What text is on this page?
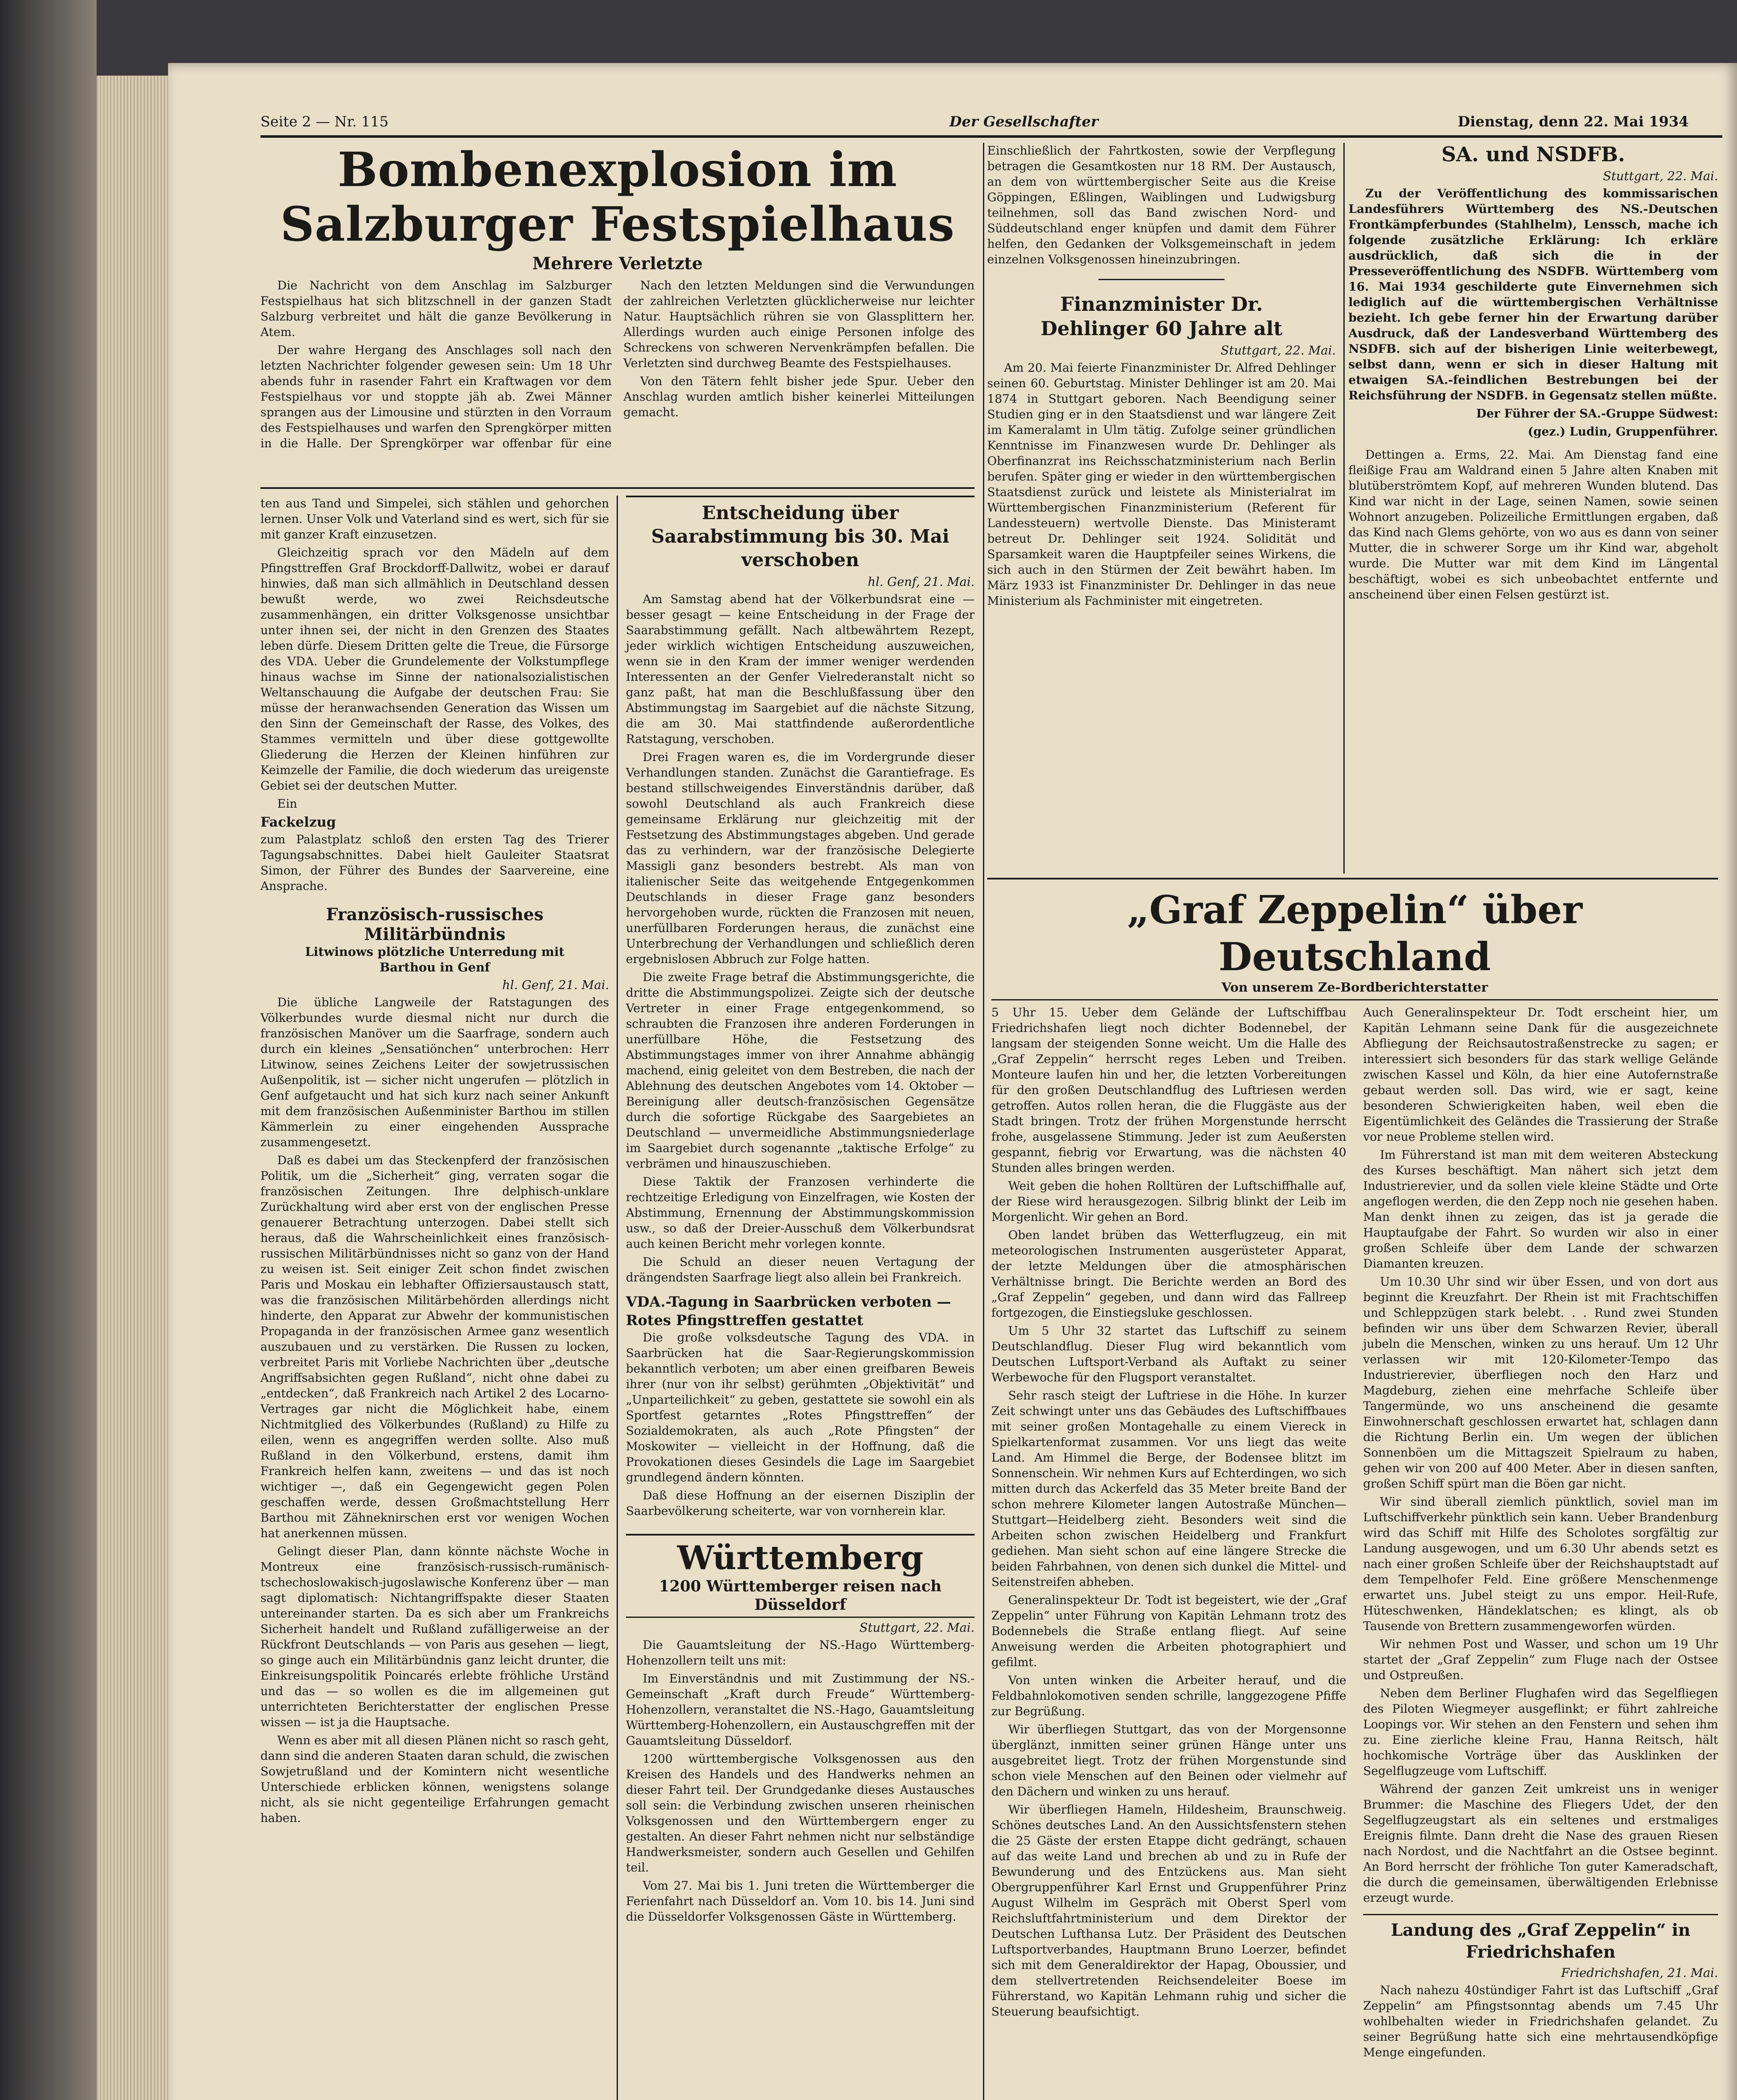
Seite 2 — Nr. 115	Der Gesellschafter	Dienstag, denn 22. Mai 1934
Bombenexplosion im Salzburger Festspielhaus
Mehrere Verletzte

Die Nachricht von dem Anschlag im Salzburger Festspielhaus hat sich blitzschnell in der ganzen Stadt Salzburg verbreitet und hält die ganze Bevölkerung in Atem.

Der wahre Hergang des Anschlages soll nach den letzten Nachrichter folgender gewesen sein: Um 18 Uhr abends fuhr in rasender Fahrt ein Kraftwagen vor dem Festspielhaus vor und stoppte jäh ab. Zwei Männer sprangen aus der Limousine und stürzten in den Vorraum des Festspielhauses und warfen den Sprengkörper mitten in die Halle. Der Sprengkörper war offenbar für eine

Nach den letzten Meldungen sind die Verwundungen der zahlreichen Verletzten glücklicherweise nur leichter Natur. Hauptsächlich rühren sie von Glassplittern her. Allerdings wurden auch einige Personen infolge des Schreckens von schweren Nervenkrämpfen befallen. Die Verletzten sind durchweg Beamte des Festspielhauses.

Von den Tätern fehlt bisher jede Spur. Ueber den Anschlag wurden amtlich bisher keinerlei Mitteilungen gemacht.

Einschließlich der Fahrtkosten, sowie der Verpflegung betragen die Gesamtkosten nur 18 RM. Der Austausch, an dem von württembergischer Seite aus die Kreise Göppingen, Eßlingen, Waiblingen und Ludwigsburg teilnehmen, soll das Band zwischen Nord- und Süddeutschland enger knüpfen und damit dem Führer helfen, den Gedanken der Volksgemeinschaft in jedem einzelnen Volksgenossen hineinzubringen.

Finanzminister Dr. Dehlinger 60 Jahre alt
Stuttgart, 22. Mai.

Am 20. Mai feierte Finanzminister Dr. Alfred Dehlinger seinen 60. Geburtstag. Minister Dehlinger ist am 20. Mai 1874 in Stuttgart geboren. Nach Beendigung seiner Studien ging er in den Staatsdienst und war längere Zeit im Kameralamt in Ulm tätig. Zufolge seiner gründlichen Kenntnisse im Finanzwesen wurde Dr. Dehlinger als Oberfinanzrat ins Reichsschatzministerium nach Berlin berufen. Später ging er wieder in den württembergischen Staatsdienst zurück und leistete als Ministerialrat im Württembergischen Finanzministerium (Referent für Landessteuern) wertvolle Dienste. Das Ministeramt betreut Dr. Dehlinger seit 1924. Solidität und Sparsamkeit waren die Hauptpfeiler seines Wirkens, die sich auch in den Stürmen der Zeit bewährt haben. Im März 1933 ist Finanzminister Dr. Dehlinger in das neue Ministerium als Fachminister mit eingetreten.

SA. und NSDFB.
Stuttgart, 22. Mai.

Zu der Veröffentlichung des kommissarischen Landesführers Württemberg des NS.-Deutschen Frontkämpferbundes (Stahlhelm), Lenssch, mache ich folgende zusätzliche Erklärung: Ich erkläre ausdrücklich, daß sich die in der Presseveröffentlichung des NSDFB. Württemberg vom 16. Mai 1934 geschilderte gute Einvernehmen sich lediglich auf die württembergischen Verhältnisse bezieht. Ich gebe ferner hin der Erwartung darüber Ausdruck, daß der Landesverband Württemberg des NSDFB. sich auf der bisherigen Linie weiterbewegt, selbst dann, wenn er sich in dieser Haltung mit etwaigen SA.-feindlichen Bestrebungen bei der Reichsführung der NSDFB. in Gegensatz stellen müßte.

Der Führer der SA.-Gruppe Südwest:
(gez.) Ludin, Gruppenführer.

Dettingen a. Erms, 22. Mai. Am Dienstag fand eine fleißige Frau am Waldrand einen 5 Jahre alten Knaben mit blutüberströmtem Kopf, auf mehreren Wunden blutend. Das Kind war nicht in der Lage, seinen Namen, sowie seinen Wohnort anzugeben. Polizeiliche Ermittlungen ergaben, daß das Kind nach Glems gehörte, von wo aus es dann von seiner Mutter, die in schwerer Sorge um ihr Kind war, abgeholt wurde. Die Mutter war mit dem Kind im Längental beschäftigt, wobei es sich unbeobachtet entfernte und anscheinend über einen Felsen gestürzt ist.

ten aus Tand und Simpelei, sich stählen und gehorchen lernen. Unser Volk und Vaterland sind es wert, sich für sie mit ganzer Kraft einzusetzen.

Gleichzeitig sprach vor den Mädeln auf dem Pfingsttreffen Graf Brockdorff-Dallwitz, wobei er darauf hinwies, daß man sich allmählich in Deutschland dessen bewußt werde, wo zwei Reichsdeutsche zusammenhängen, ein dritter Volksgenosse unsichtbar unter ihnen sei, der nicht in den Grenzen des Staates leben dürfe. Diesem Dritten gelte die Treue, die Fürsorge des VDA. Ueber die Grundelemente der Volkstumpflege hinaus wachse im Sinne der nationalsozialistischen Weltanschauung die Aufgabe der deutschen Frau: Sie müsse der heranwachsenden Generation das Wissen um den Sinn der Gemeinschaft der Rasse, des Volkes, des Stammes vermitteln und über diese gottgewollte Gliederung die Herzen der Kleinen hinführen zur Keimzelle der Familie, die doch wiederum das ureigenste Gebiet sei der deutschen Mutter.

Ein

Fackelzug

zum Palastplatz schloß den ersten Tag des Trierer Tagungsabschnittes. Dabei hielt Gauleiter Staatsrat Simon, der Führer des Bundes der Saarvereine, eine Ansprache.

Französisch-russisches Militärbündnis
Litwinows plötzliche Unterredung mit Barthou in Genf
hl. Genf, 21. Mai.

Die übliche Langweile der Ratstagungen des Völkerbundes wurde diesmal nicht nur durch die französischen Manöver um die Saarfrage, sondern auch durch ein kleines „Sensatiönchen“ unterbrochen: Herr Litwinow, seines Zeichens Leiter der sowjetrussischen Außenpolitik, ist — sicher nicht ungerufen — plötzlich in Genf aufgetaucht und hat sich kurz nach seiner Ankunft mit dem französischen Außenminister Barthou im stillen Kämmerlein zu einer eingehenden Aussprache zusammengesetzt.

Daß es dabei um das Steckenpferd der französischen Politik, um die „Sicherheit“ ging, verraten sogar die französischen Zeitungen. Ihre delphisch-unklare Zurückhaltung wird aber erst von der englischen Presse genauerer Betrachtung unterzogen. Dabei stellt sich heraus, daß die Wahrscheinlichkeit eines französisch-russischen Militärbündnisses nicht so ganz von der Hand zu weisen ist. Seit einiger Zeit schon findet zwischen Paris und Moskau ein lebhafter Offiziersaustausch statt, was die französischen Militärbehörden allerdings nicht hinderte, den Apparat zur Abwehr der kommunistischen Propaganda in der französischen Armee ganz wesentlich auszubauen und zu verstärken. Die Russen zu locken, verbreitet Paris mit Vorliebe Nachrichten über „deutsche Angriffsabsichten gegen Rußland“, nicht ohne dabei zu „entdecken“, daß Frankreich nach Artikel 2 des Locarno-Vertrages gar nicht die Möglichkeit habe, einem Nichtmitglied des Völkerbundes (Rußland) zu Hilfe zu eilen, wenn es angegriffen werden sollte. Also muß Rußland in den Völkerbund, erstens, damit ihm Frankreich helfen kann, zweitens — und das ist noch wichtiger —, daß ein Gegengewicht gegen Polen geschaffen werde, dessen Großmachtstellung Herr Barthou mit Zähneknirschen erst vor wenigen Wochen hat anerkennen müssen.

Gelingt dieser Plan, dann könnte nächste Woche in Montreux eine französisch-russisch-rumänisch-tschechoslowakisch-jugoslawische Konferenz über — man sagt diplomatisch: Nichtangriffspakte dieser Staaten untereinander starten. Da es sich aber um Frankreichs Sicherheit handelt und Rußland zufälligerweise an der Rückfront Deutschlands — von Paris aus gesehen — liegt, so ginge auch ein Militärbündnis ganz leicht drunter, die Einkreisungspolitik Poincarés erlebte fröhliche Urständ und das — so wollen es die im allgemeinen gut unterrichteten Berichterstatter der englischen Presse wissen — ist ja die Hauptsache.

Wenn es aber mit all diesen Plänen nicht so rasch geht, dann sind die anderen Staaten daran schuld, die zwischen Sowjetrußland und der Komintern nicht wesentliche Unterschiede erblicken können, wenigstens solange nicht, als sie nicht gegenteilige Erfahrungen gemacht haben.

Entscheidung über Saarabstimmung bis 30. Mai verschoben
hl. Genf, 21. Mai.

Am Samstag abend hat der Völkerbundsrat eine — besser gesagt — keine Entscheidung in der Frage der Saarabstimmung gefällt. Nach altbewährtem Rezept, jeder wirklich wichtigen Entscheidung auszuweichen, wenn sie in den Kram der immer weniger werdenden Interessenten an der Genfer Vielrederanstalt nicht so ganz paßt, hat man die Beschlußfassung über den Abstimmungstag im Saargebiet auf die nächste Sitzung, die am 30. Mai stattfindende außerordentliche Ratstagung, verschoben.

Drei Fragen waren es, die im Vordergrunde dieser Verhandlungen standen. Zunächst die Garantiefrage. Es bestand stillschweigendes Einverständnis darüber, daß sowohl Deutschland als auch Frankreich diese gemeinsame Erklärung nur gleichzeitig mit der Festsetzung des Abstimmungstages abgeben. Und gerade das zu verhindern, war der französische Delegierte Massigli ganz besonders bestrebt. Als man von italienischer Seite das weitgehende Entgegenkommen Deutschlands in dieser Frage ganz besonders hervorgehoben wurde, rückten die Franzosen mit neuen, unerfüllbaren Forderungen heraus, die zunächst eine Unterbrechung der Verhandlungen und schließlich deren ergebnislosen Abbruch zur Folge hatten.

Die zweite Frage betraf die Abstimmungsgerichte, die dritte die Abstimmungspolizei. Zeigte sich der deutsche Vertreter in einer Frage entgegenkommend, so schraubten die Franzosen ihre anderen Forderungen in unerfüllbare Höhe, die Festsetzung des Abstimmungstages immer von ihrer Annahme abhängig machend, einig geleitet von dem Bestreben, die nach der Ablehnung des deutschen Angebotes vom 14. Oktober — Bereinigung aller deutsch-französischen Gegensätze durch die sofortige Rückgabe des Saargebietes an Deutschland — unvermeidliche Abstimmungsniederlage im Saargebiet durch sogenannte „taktische Erfolge“ zu verbrämen und hinauszuschieben.

Diese Taktik der Franzosen verhinderte die rechtzeitige Erledigung von Einzelfragen, wie Kosten der Abstimmung, Ernennung der Abstimmungskommission usw., so daß der Dreier-Ausschuß dem Völkerbundsrat auch keinen Bericht mehr vorlegen konnte.

Die Schuld an dieser neuen Vertagung der drängendsten Saarfrage liegt also allein bei Frankreich.

VDA.-Tagung in Saarbrücken verboten — Rotes Pfingsttreffen gestattet

Die große volksdeutsche Tagung des VDA. in Saarbrücken hat die Saar-Regierungskommission bekanntlich verboten; um aber einen greifbaren Beweis ihrer (nur von ihr selbst) gerühmten „Objektivität“ und „Unparteilichkeit“ zu geben, gestattete sie sowohl ein als Sportfest getarntes „Rotes Pfingsttreffen“ der Sozialdemokraten, als auch „Rote Pfingsten“ der Moskowiter — vielleicht in der Hoffnung, daß die Provokationen dieses Gesindels die Lage im Saargebiet grundlegend ändern könnten.

Daß diese Hoffnung an der eisernen Disziplin der Saarbevölkerung scheiterte, war von vornherein klar.

Württemberg
1200 Württemberger reisen nach Düsseldorf
Stuttgart, 22. Mai.

Die Gauamtsleitung der NS.-Hago Württemberg-Hohenzollern teilt uns mit:

Im Einverständnis und mit Zustimmung der NS.-Gemeinschaft „Kraft durch Freude“ Württemberg-Hohenzollern, veranstaltet die NS.-Hago, Gauamtsleitung Württemberg-Hohenzollern, ein Austauschgreffen mit der Gauamtsleitung Düsseldorf.

1200 württembergische Volksgenossen aus den Kreisen des Handels und des Handwerks nehmen an dieser Fahrt teil. Der Grundgedanke dieses Austausches soll sein: die Verbindung zwischen unseren rheinischen Volksgenossen und den Württembergern enger zu gestalten. An dieser Fahrt nehmen nicht nur selbständige Handwerksmeister, sondern auch Gesellen und Gehilfen teil.

Vom 27. Mai bis 1. Juni treten die Württemberger die Ferienfahrt nach Düsseldorf an. Vom 10. bis 14. Juni sind die Düsseldorfer Volksgenossen Gäste in Württemberg.

„Graf Zeppelin“ über Deutschland
Von unserem Ze-Bordberichterstatter

5 Uhr 15. Ueber dem Gelände der Luftschiffbau Friedrichshafen liegt noch dichter Bodennebel, der langsam der steigenden Sonne weicht. Um die Halle des „Graf Zeppelin“ herrscht reges Leben und Treiben. Monteure laufen hin und her, die letzten Vorbereitungen für den großen Deutschlandflug des Luftriesen werden getroffen. Autos rollen heran, die die Fluggäste aus der Stadt bringen. Trotz der frühen Morgenstunde herrscht frohe, ausgelassene Stimmung. Jeder ist zum Aeußersten gespannt, fiebrig vor Erwartung, was die nächsten 40 Stunden alles bringen werden.

Weit geben die hohen Rolltüren der Luftschiffhalle auf, der Riese wird herausgezogen. Silbrig blinkt der Leib im Morgenlicht. Wir gehen an Bord.

Oben landet brüben das Wetterflugzeug, ein mit meteorologischen Instrumenten ausgerüsteter Apparat, der letzte Meldungen über die atmosphärischen Verhältnisse bringt. Die Berichte werden an Bord des „Graf Zeppelin“ gegeben, und dann wird das Fallreep fortgezogen, die Einstiegsluke geschlossen.

Um 5 Uhr 32 startet das Luftschiff zu seinem Deutschlandflug. Dieser Flug wird bekanntlich vom Deutschen Luftsport-Verband als Auftakt zu seiner Werbewoche für den Flugsport veranstaltet.

Sehr rasch steigt der Luftriese in die Höhe. In kurzer Zeit schwingt unter uns das Gebäudes des Luftschiffbaues mit seiner großen Montagehalle zu einem Viereck in Spielkartenformat zusammen. Vor uns liegt das weite Land. Am Himmel die Berge, der Bodensee blitzt im Sonnenschein. Wir nehmen Kurs auf Echterdingen, wo sich mitten durch das Ackerfeld das 35 Meter breite Band der schon mehrere Kilometer langen Autostraße München—Stuttgart—Heidelberg zieht. Besonders weit sind die Arbeiten schon zwischen Heidelberg und Frankfurt gediehen. Man sieht schon auf eine längere Strecke die beiden Fahrbahnen, von denen sich dunkel die Mittel- und Seitenstreifen abheben.

Generalinspekteur Dr. Todt ist begeistert, wie der „Graf Zeppelin“ unter Führung von Kapitän Lehmann trotz des Bodennebels die Straße entlang fliegt. Auf seine Anweisung werden die Arbeiten photographiert und gefilmt.

Von unten winken die Arbeiter herauf, und die Feldbahnlokomotiven senden schrille, langgezogene Pfiffe zur Begrüßung.

Wir überfliegen Stuttgart, das von der Morgensonne überglänzt, inmitten seiner grünen Hänge unter uns ausgebreitet liegt. Trotz der frühen Morgenstunde sind schon viele Menschen auf den Beinen oder vielmehr auf den Dächern und winken zu uns herauf.

Wir überfliegen Hameln, Hildesheim, Braunschweig. Schönes deutsches Land. An den Aussichtsfenstern stehen die 25 Gäste der ersten Etappe dicht gedrängt, schauen auf das weite Land und brechen ab und zu in Rufe der Bewunderung und des Entzückens aus. Man sieht Obergruppenführer Karl Ernst und Gruppenführer Prinz August Wilhelm im Gespräch mit Oberst Sperl vom Reichsluftfahrtministerium und dem Direktor der Deutschen Lufthansa Lutz. Der Präsident des Deutschen Luftsportverbandes, Hauptmann Bruno Loerzer, befindet sich mit dem Generaldirektor der Hapag, Oboussier, und dem stellvertretenden Reichsendeleiter Boese im Führerstand, wo Kapitän Lehmann ruhig und sicher die Steuerung beaufsichtigt.

Auch Generalinspekteur Dr. Todt erscheint hier, um Kapitän Lehmann seine Dank für die ausgezeichnete Abfliegung der Reichsautostraßenstrecke zu sagen; er interessiert sich besonders für das stark wellige Gelände zwischen Kassel und Köln, da hier eine Autofernstraße gebaut werden soll. Das wird, wie er sagt, keine besonderen Schwierigkeiten haben, weil eben die Eigentümlichkeit des Geländes die Trassierung der Straße vor neue Probleme stellen wird.

Im Führerstand ist man mit dem weiteren Absteckung des Kurses beschäftigt. Man nähert sich jetzt dem Industrierevier, und da sollen viele kleine Städte und Orte angeflogen werden, die den Zepp noch nie gesehen haben. Man denkt ihnen zu zeigen, das ist ja gerade die Hauptaufgabe der Fahrt. So wurden wir also in einer großen Schleife über dem Lande der schwarzen Diamanten kreuzen.

Um 10.30 Uhr sind wir über Essen, und von dort aus beginnt die Kreuzfahrt. Der Rhein ist mit Frachtschiffen und Schleppzügen stark belebt. . . Rund zwei Stunden befinden wir uns über dem Schwarzen Revier, überall jubeln die Menschen, winken zu uns herauf. Um 12 Uhr verlassen wir mit 120-Kilometer-Tempo das Industrierevier, überfliegen noch den Harz und Magdeburg, ziehen eine mehrfache Schleife über Tangermünde, wo uns anscheinend die gesamte Einwohnerschaft geschlossen erwartet hat, schlagen dann die Richtung Berlin ein. Um wegen der üblichen Sonnenböen um die Mittagszeit Spielraum zu haben, gehen wir von 200 auf 400 Meter. Aber in diesen sanften, großen Schiff spürt man die Böen gar nicht.

Wir sind überall ziemlich pünktlich, soviel man im Luftschiffverkehr pünktlich sein kann. Ueber Brandenburg wird das Schiff mit Hilfe des Scholotes sorgfältig zur Landung ausgewogen, und um 6.30 Uhr abends setzt es nach einer großen Schleife über der Reichshauptstadt auf dem Tempelhofer Feld. Eine größere Menschenmenge erwartet uns. Jubel steigt zu uns empor. Heil-Rufe, Hüteschwenken, Händeklatschen; es klingt, als ob Tausende von Brettern zusammengeworfen würden.

Wir nehmen Post und Wasser, und schon um 19 Uhr startet der „Graf Zeppelin“ zum Fluge nach der Ostsee und Ostpreußen.

Neben dem Berliner Flughafen wird das Segelfliegen des Piloten Wiegmeyer ausgeflinkt; er führt zahlreiche Loopings vor. Wir stehen an den Fenstern und sehen ihm zu. Eine zierliche kleine Frau, Hanna Reitsch, hält hochkomische Vorträge über das Ausklinken der Segelflugzeuge vom Luftschiff.

Während der ganzen Zeit umkreist uns in weniger Brummer: die Maschine des Fliegers Udet, der den Segelflugzeugstart als ein seltenes und erstmaliges Ereignis filmte. Dann dreht die Nase des grauen Riesen nach Nordost, und die Nachtfahrt an die Ostsee beginnt. An Bord herrscht der fröhliche Ton guter Kameradschaft, die durch die gemeinsamen, überwältigenden Erlebnisse erzeugt wurde.

Landung des „Graf Zeppelin“ in Friedrichshafen
Friedrichshafen, 21. Mai.

Nach nahezu 40stündiger Fahrt ist das Luftschiff „Graf Zeppelin“ am Pfingstsonntag abends um 7.45 Uhr wohlbehalten wieder in Friedrichshafen gelandet. Zu seiner Begrüßung hatte sich eine mehrtausendköpfige Menge eingefunden.
